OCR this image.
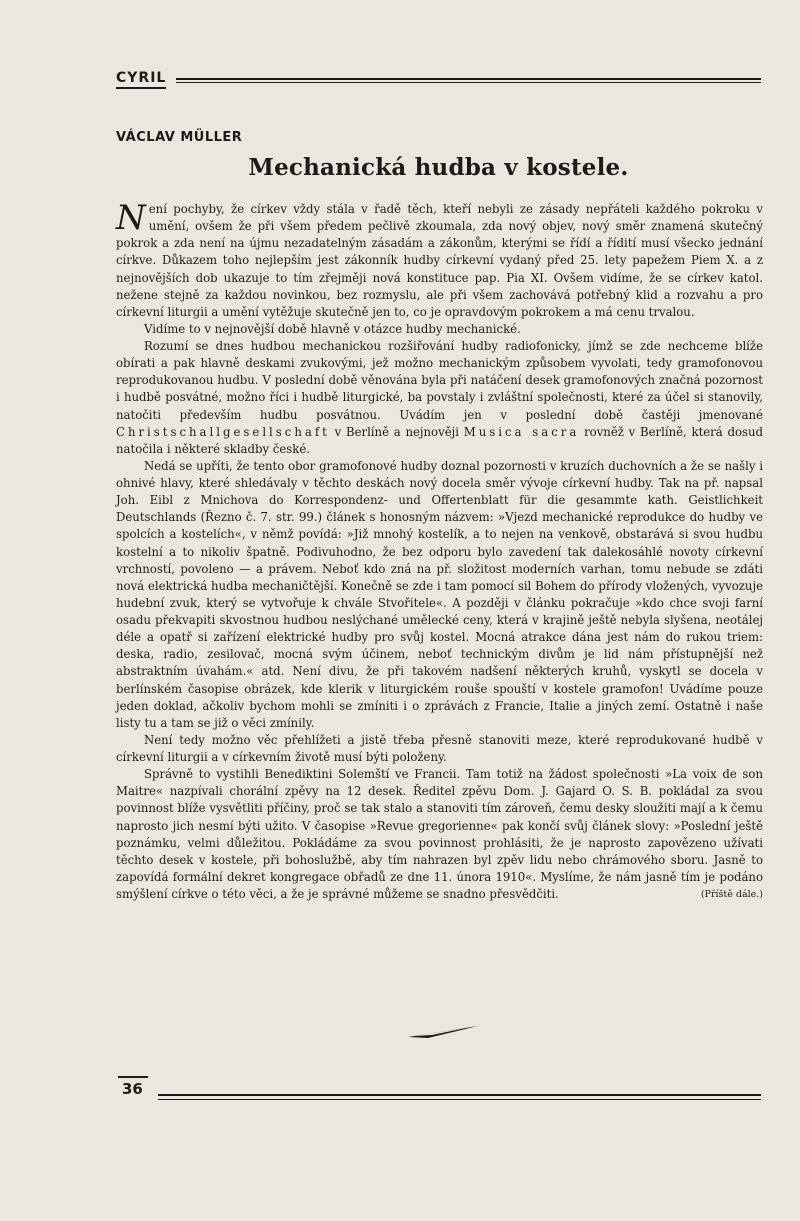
CYRIL
VÁCLAV MÜLLER
Mechanická hudba v kostele.

Není pochyby, že církev vždy stála v řadě těch, kteří nebyli ze zásady nepřáteli každého pokroku v umění, ovšem že při všem předem pečlivě zkoumala, zda nový objev, nový směr znamená skutečný pokrok a zda není na újmu nezadatelným zásadám a zákonům, kterými se řídí a řídití musí všecko jednání církve. Důkazem toho nejlepším jest zákonník hudby církevní vydaný před 25. lety papežem Piem X. a z nejnovějších dob ukazuje to tím zřejměji nová konstituce pap. Pia XI. Ovšem vidíme, že se církev katol. nežene stejně za každou novinkou, bez rozmyslu, ale při všem zachovává potřebný klid a rozvahu a pro církevní liturgii a umění vytěžuje skutečně jen to, co je opravdovým pokrokem a má cenu trvalou.

Vidíme to v nejnovější době hlavně v otázce hudby mechanické.

Rozumí se dnes hudbou mechanickou rozšiřování hudby radiofonicky, jímž se zde nechceme blíže obírati a pak hlavně deskami zvukovými, jež možno mechanickým způsobem vyvolati, tedy gramofonovou reprodukovanou hudbu. V poslední době věnována byla při natáčení desek gramofonových značná pozornost i hudbě posvátné, možno říci i hudbě liturgické, ba povstaly i zvláštní společnosti, které za účel si stanovily, natočiti především hudbu posvátnou. Uvádím jen v poslední době častěji jmenované Christschallgesellschaft v Berlíně a nejnověji Musica sacra rovněž v Berlíně, která dosud natočila i některé skladby české.

Nedá se upříti, že tento obor gramofonové hudby doznal pozornosti v kruzích duchovních a že se našly i ohnivé hlavy, které shledávaly v těchto deskách nový docela směr vývoje církevní hudby. Tak na př. napsal Joh. Eibl z Mnichova do Korrespondenz- und Offertenblatt für die gesammte kath. Geistlichkeit Deutschlands (Řezno č. 7. str. 99.) článek s honosným názvem: »Vjezd mechanické reprodukce do hudby ve spolcích a kostelích«, v němž povídá: »Již mnohý kostelík, a to nejen na venkově, obstarává si svou hudbu kostelní a to nikoliv špatně. Podivuhodno, že bez odporu bylo zavedení tak dalekosáhlé novoty církevní vrchností, povoleno — a právem. Neboť kdo zná na př. složitost moderních varhan, tomu nebude se zdáti nová elektrická hudba mechaničtější. Konečně se zde i tam pomocí sil Bohem do přírody vložených, vyvozuje hudební zvuk, který se vytvořuje k chvále Stvořitele«. A později v článku pokračuje »kdo chce svoji farní osadu překvapiti skvostnou hudbou neslýchané umělecké ceny, která v krajině ještě nebyla slyšena, neotálej déle a opatř si zařízení elektrické hudby pro svůj kostel. Mocná atrakce dána jest nám do rukou triem: deska, radio, zesilovač, mocná svým účinem, neboť technickým divům je lid nám přístupnější než abstraktním úvahám.« atd. Není divu, že při takovém nadšení některých kruhů, vyskytl se docela v berlínském časopise obrázek, kde klerik v liturgickém rouše spouští v kostele gramofon! Uvádíme pouze jeden doklad, ačkoliv bychom mohli se zmíniti i o zprávách z Francie, Italie a jiných zemí. Ostatně i naše listy tu a tam se již o věci zmínily.

Není tedy možno věc přehlížeti a jistě třeba přesně stanoviti meze, které reprodukované hudbě v církevní liturgii a v církevním životě musí býti položeny.

Správně to vystihli Benediktini Solemští ve Francii. Tam totiž na žádost společnosti »La voix de son Maitre« nazpívali chorální zpěvy na 12 desek. Ředitel zpěvu Dom. J. Gajard O. S. B. pokládal za svou povinnost blíže vysvětliti příčiny, proč se tak stalo a stanoviti tím zároveň, čemu desky sloužiti mají a k čemu naprosto jich nesmí býti užito. V časopise »Revue gregorienne« pak končí svůj článek slovy: »Poslední ještě poznámku, velmi důležitou. Pokládáme za svou povinnost prohlásiti, že je naprosto zapovězeno užívati těchto desek v kostele, při bohoslužbě, aby tím nahrazen byl zpěv lidu nebo chrámového sboru. Jasně to zapovídá formální dekret kongregace obřadů ze dne 11. února 1910«. Myslíme, že nám jasně tím je podáno smýšlení církve o této věci, a že je správné můžeme se snadno přesvědčiti.	(Příště dále.)

36
